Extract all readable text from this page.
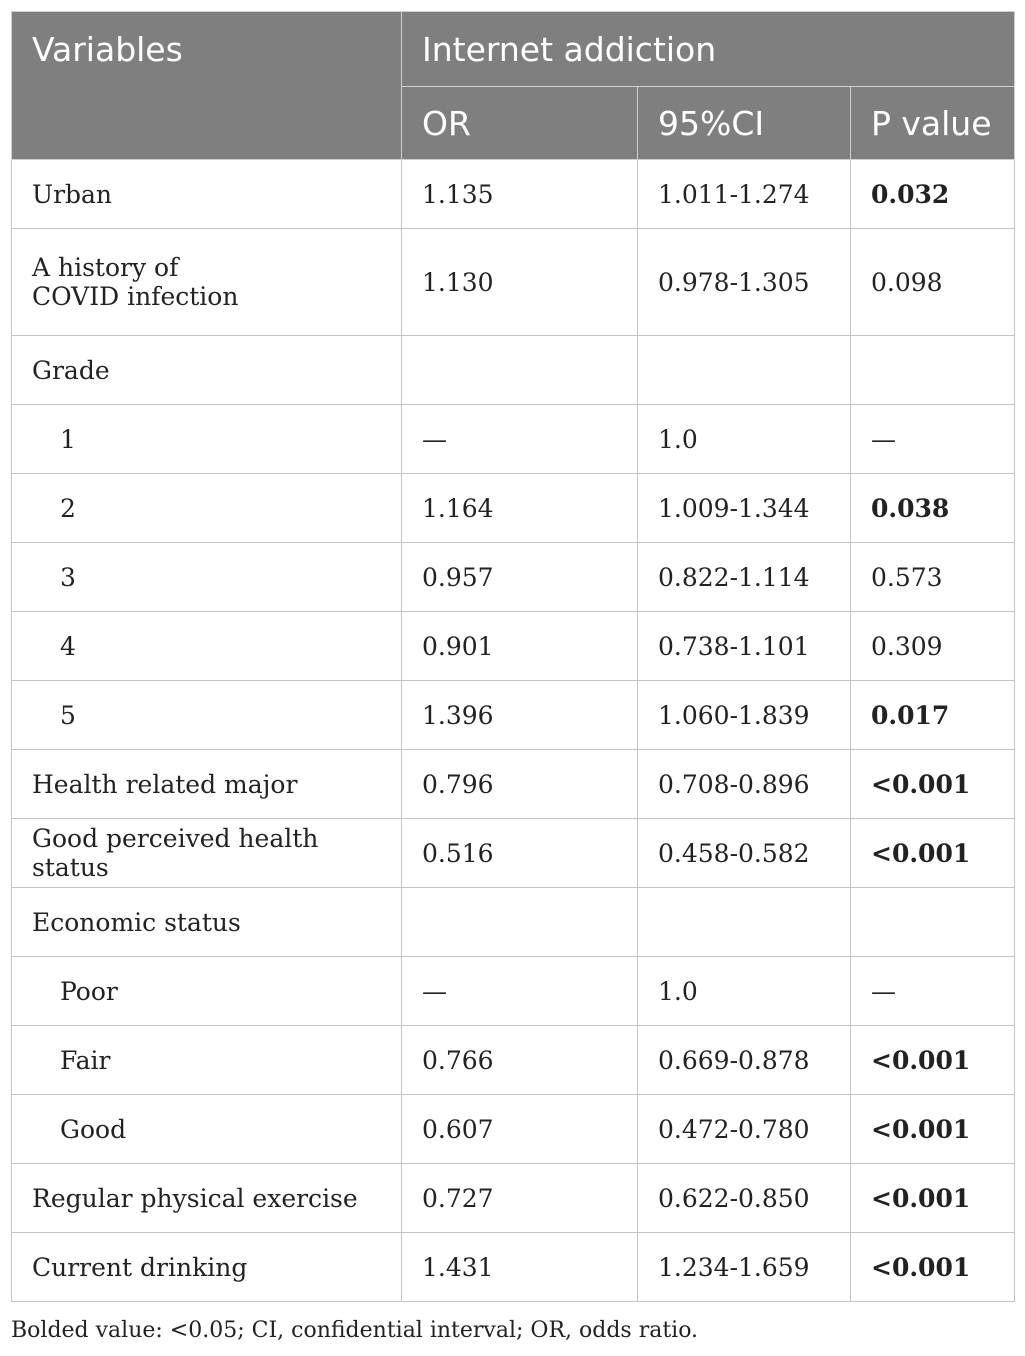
Variables	Internet addiction		
	OR	95%CI	P value
Urban	1.135	1.011-1.274	0.032
A history of
COVID infection	1.130	0.978-1.305	0.098
Grade			
1	—	1.0	—
2	1.164	1.009-1.344	0.038
3	0.957	0.822-1.114	0.573
4	0.901	0.738-1.101	0.309
5	1.396	1.060-1.839	0.017
Health related major	0.796	0.708-0.896	<0.001
Good perceived health status	0.516	0.458-0.582	<0.001
Economic status			
Poor	—	1.0	—
Fair	0.766	0.669-0.878	<0.001
Good	0.607	0.472-0.780	<0.001
Regular physical exercise	0.727	0.622-0.850	<0.001
Current drinking	1.431	1.234-1.659	<0.001
Bolded value: <0.05; CI, confidential interval; OR, odds ratio.
